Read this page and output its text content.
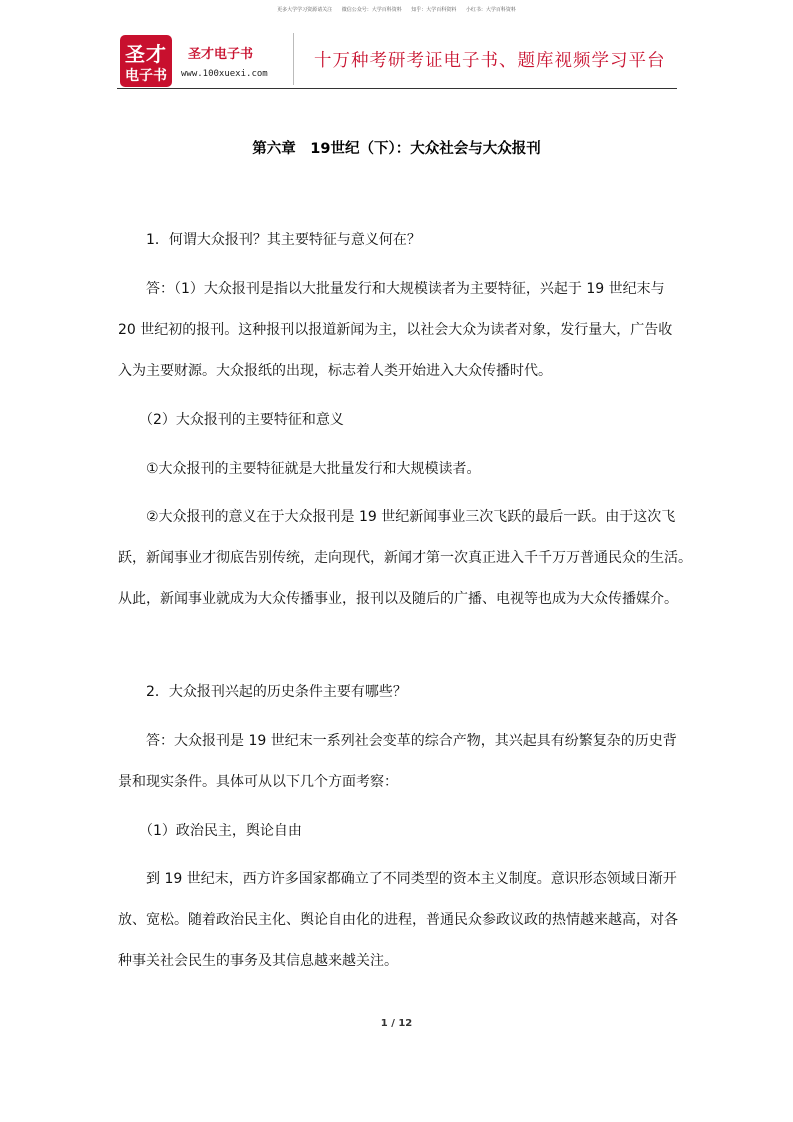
更多大学学习资源请关注 微信公众号：大学百科资料 知乎：大学百科资料 小红书：大学百科资料
圣才
电子书
圣才电子书
www.100xuexi.com
十万种考研考证电子书、题库视频学习平台
第六章　19世纪（下）：大众社会与大众报刊
　　1．何谓大众报刊？其主要特征与意义何在？
　　答：（1）大众报刊是指以大批量发行和大规模读者为主要特征，兴起于 19 世纪末与
20 世纪初的报刊。这种报刊以报道新闻为主，以社会大众为读者对象，发行量大，广告收
入为主要财源。大众报纸的出现，标志着人类开始进入大众传播时代。
　　（2）大众报刊的主要特征和意义
　　①大众报刊的主要特征就是大批量发行和大规模读者。
　　②大众报刊的意义在于大众报刊是 19 世纪新闻事业三次飞跃的最后一跃。由于这次飞
跃，新闻事业才彻底告别传统，走向现代，新闻才第一次真正进入千千万万普通民众的生活。
从此，新闻事业就成为大众传播事业，报刊以及随后的广播、电视等也成为大众传播媒介。
　　2．大众报刊兴起的历史条件主要有哪些？
　　答：大众报刊是 19 世纪末一系列社会变革的综合产物，其兴起具有纷繁复杂的历史背
景和现实条件。具体可从以下几个方面考察：
　　（1）政治民主，舆论自由
　　到 19 世纪末，西方许多国家都确立了不同类型的资本主义制度。意识形态领域日渐开
放、宽松。随着政治民主化、舆论自由化的进程，普通民众参政议政的热情越来越高，对各
种事关社会民生的事务及其信息越来越关注。
1 / 12
